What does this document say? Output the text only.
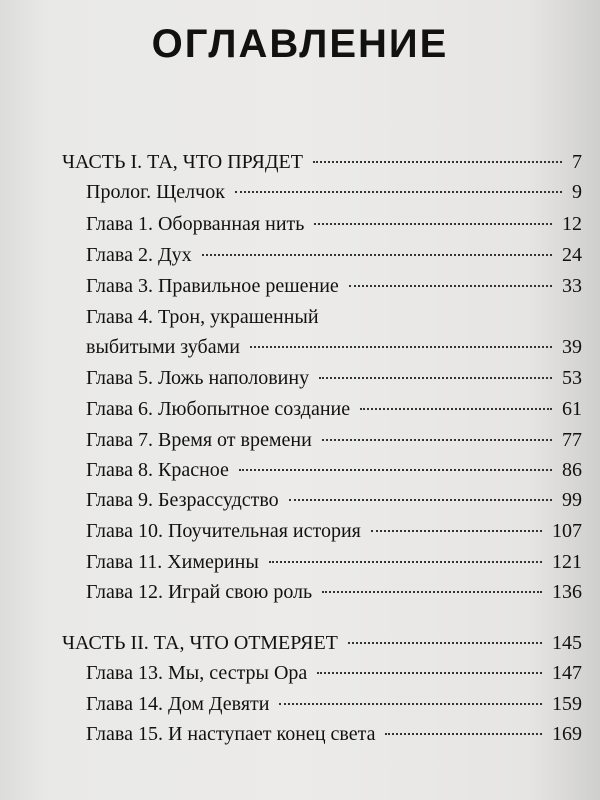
ОГЛАВЛЕНИЕ
ЧАСТЬ I. ТА, ЧТО ПРЯДЕТ	7
Пролог. Щелчок	9
Глава 1. Оборванная нить	12
Глава 2. Дух	24
Глава 3. Правильное решение	33
Глава 4. Трон, украшенный
выбитыми зубами	39
Глава 5. Ложь наполовину	53
Глава 6. Любопытное создание	61
Глава 7. Время от времени	77
Глава 8. Красное	86
Глава 9. Безрассудство	99
Глава 10. Поучительная история	107
Глава 11. Химерины	121
Глава 12. Играй свою роль	136
ЧАСТЬ II. ТА, ЧТО ОТМЕРЯЕТ	145
Глава 13. Мы, сестры Ора	147
Глава 14. Дом Девяти	159
Глава 15. И наступает конец света	169
